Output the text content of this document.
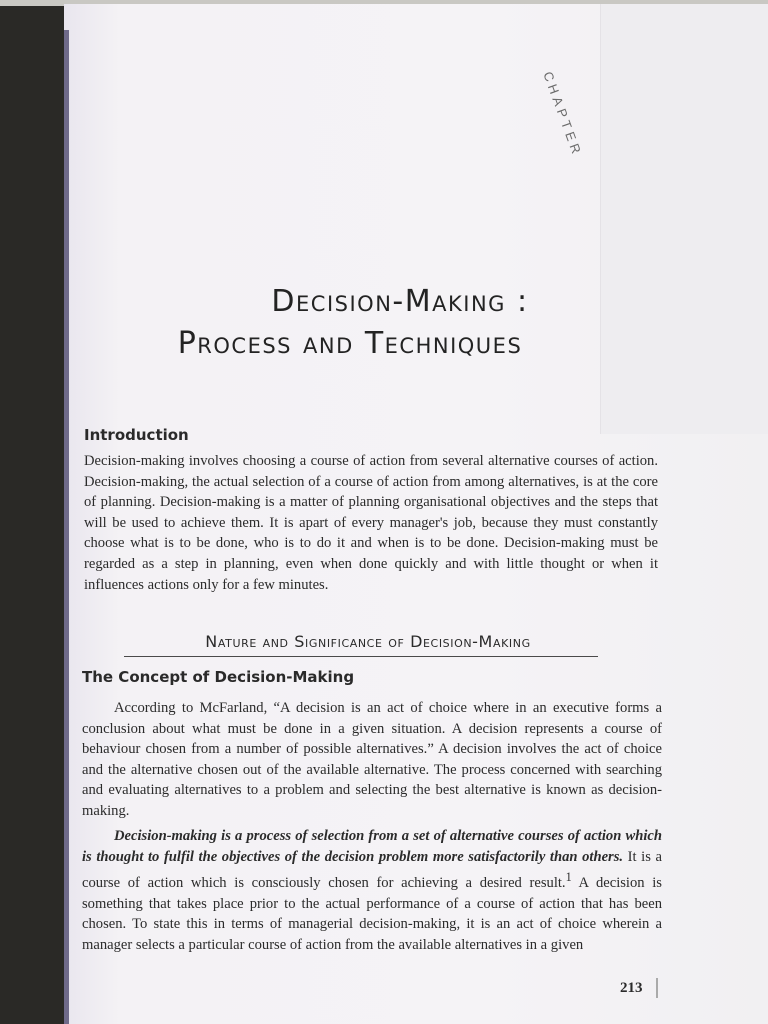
CHAPTER
Decision-Making :
Process and Techniques
Introduction
Decision-making involves choosing a course of action from several alternative courses of action. Decision-making, the actual selection of a course of action from among alternatives, is at the core of planning. Decision-making is a matter of planning organisational objectives and the steps that will be used to achieve them. It is apart of every manager's job, because they must constantly choose what is to be done, who is to do it and when is to be done. Decision-making must be regarded as a step in planning, even when done quickly and with little thought or when it influences actions only for a few minutes.
Nature and Significance of Decision-Making
The Concept of Decision-Making
According to McFarland, “A decision is an act of choice where in an executive forms a conclusion about what must be done in a given situation. A decision represents a course of behaviour chosen from a number of possible alternatives.” A decision involves the act of choice and the alternative chosen out of the available alternative. The process concerned with searching and evaluating alternatives to a problem and selecting the best alternative is known as decision-making.
Decision-making is a process of selection from a set of alternative courses of action which is thought to fulfil the objectives of the decision problem more satisfactorily than others. It is a course of action which is consciously chosen for achieving a desired result.$^1$ A decision is something that takes place prior to the actual performance of a course of action that has been chosen. To state this in terms of managerial decision-making, it is an act of choice wherein a manager selects a particular course of action from the available alternatives in a given
213
